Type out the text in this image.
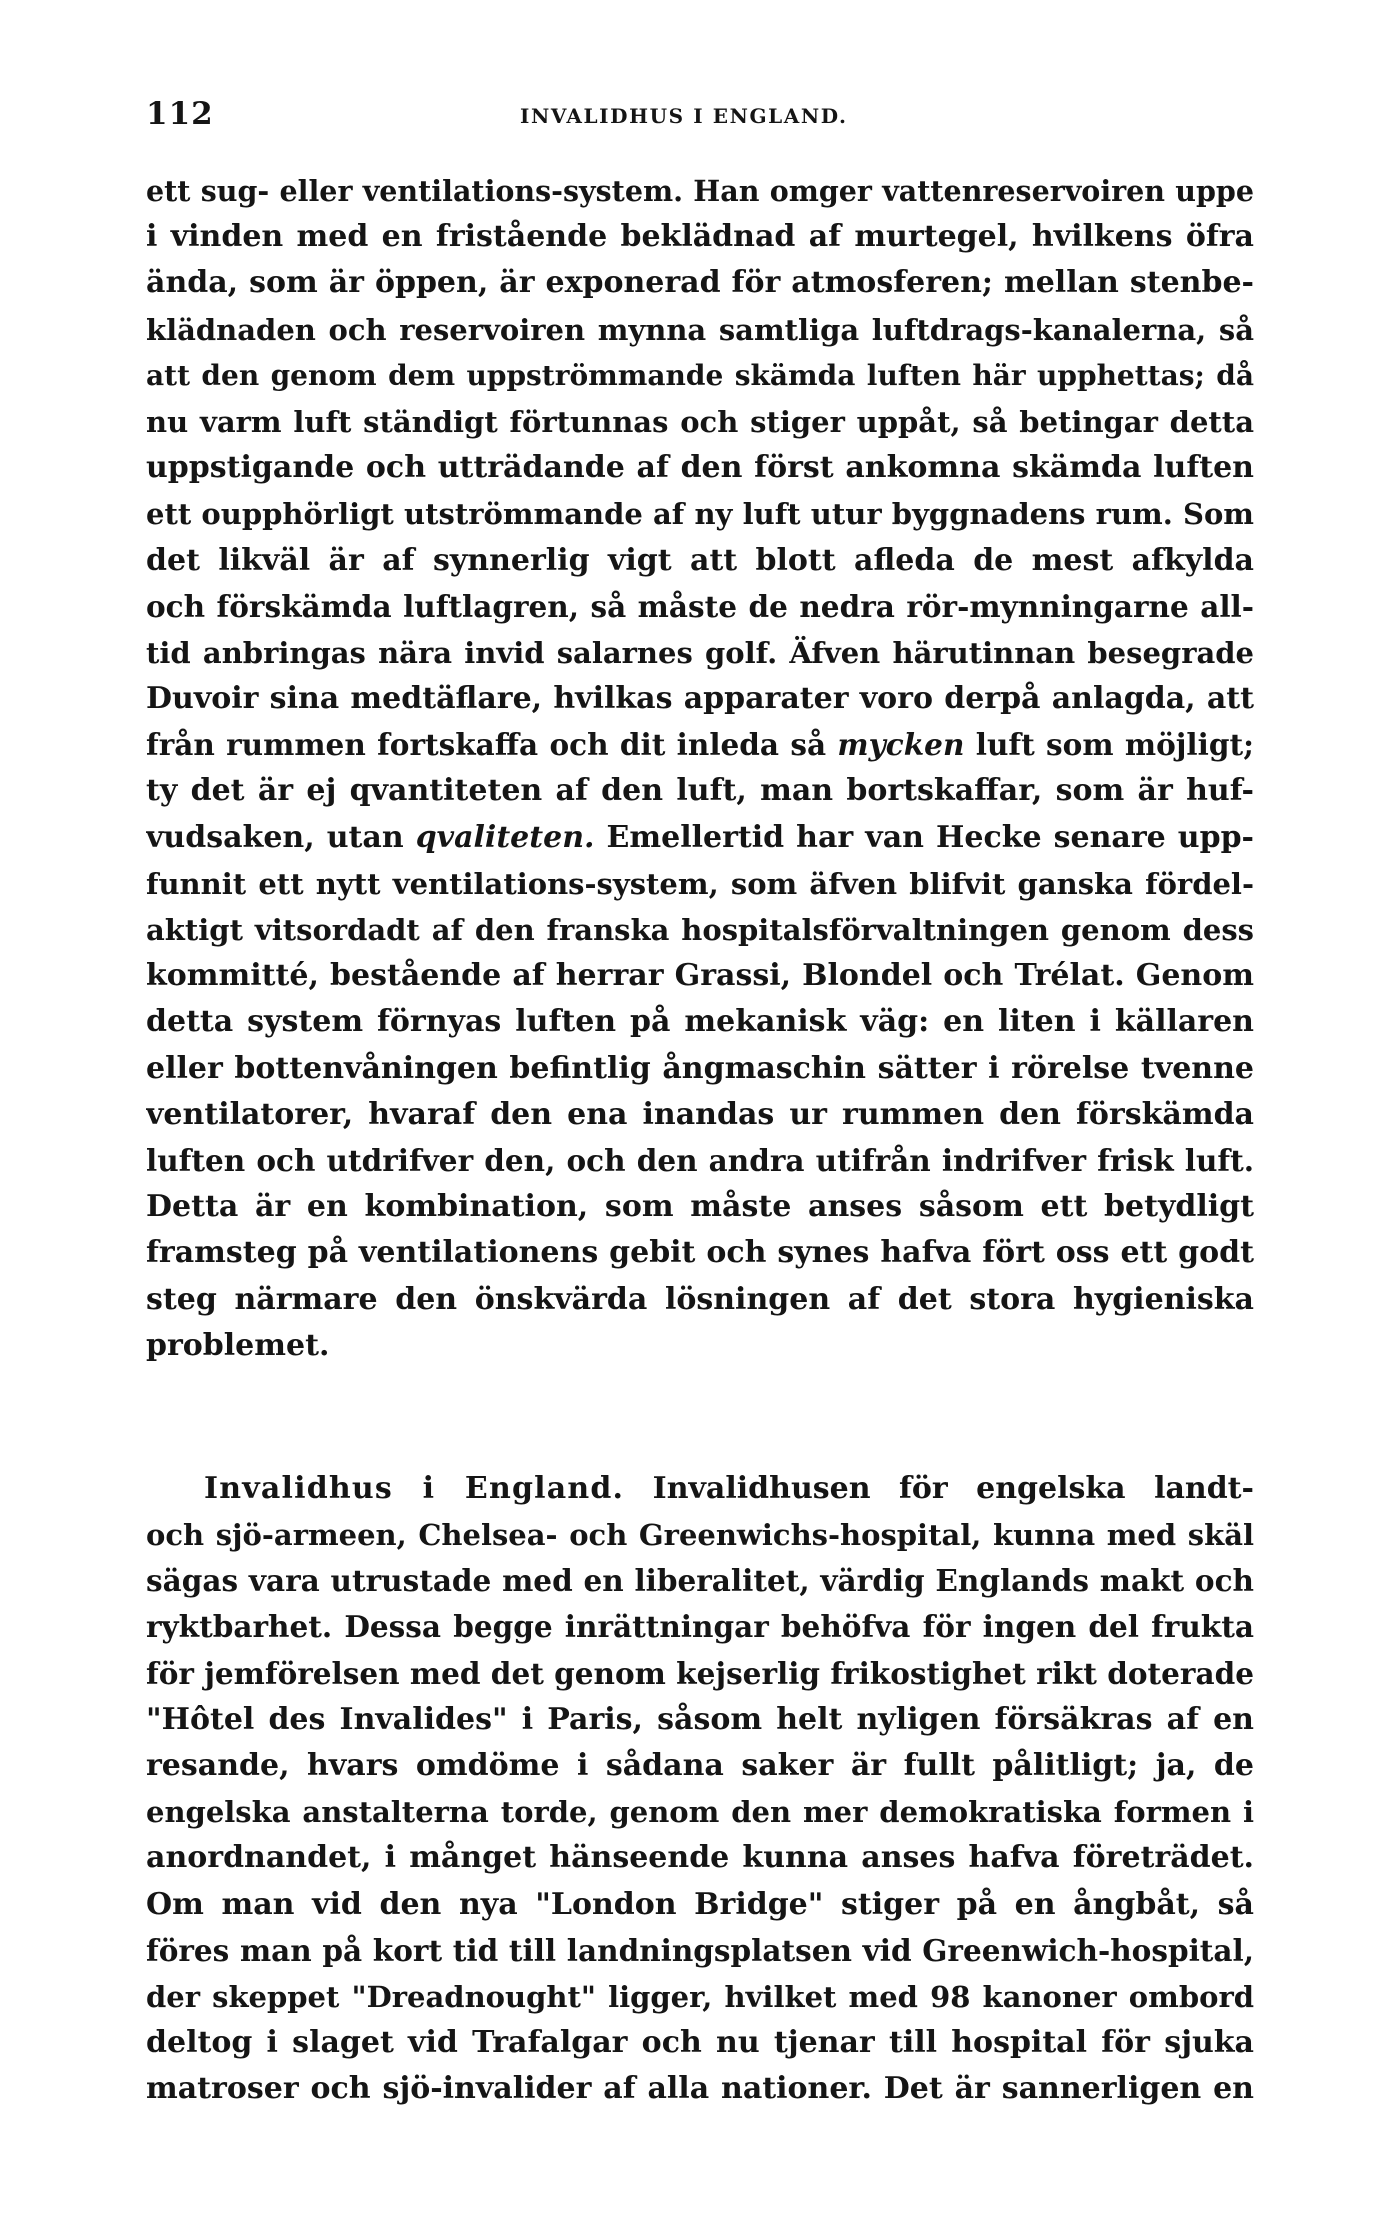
112	INVALIDHUS I ENGLAND.
ett sug- eller ventilations-system. Han omger vattenreservoiren uppe
i vinden med en fristående beklädnad af murtegel, hvilkens öfra
ända, som är öppen, är exponerad för atmosferen; mellan stenbe-
klädnaden och reservoiren mynna samtliga luftdrags-kanalerna, så
att den genom dem uppströmmande skämda luften här upphettas; då
nu varm luft ständigt förtunnas och stiger uppåt, så betingar detta
uppstigande och utträdande af den först ankomna skämda luften
ett oupphörligt utströmmande af ny luft utur byggnadens rum. Som
det likväl är af synnerlig vigt att blott afleda de mest afkylda
och förskämda luftlagren, så måste de nedra rör-mynningarne all-
tid anbringas nära invid salarnes golf. Äfven härutinnan besegrade
Duvoir sina medtäflare, hvilkas apparater voro derpå anlagda, att
från rummen fortskaffa och dit inleda så mycken luft som möjligt;
ty det är ej qvantiteten af den luft, man bortskaffar, som är huf-
vudsaken, utan qvaliteten. Emellertid har van Hecke senare upp-
funnit ett nytt ventilations-system, som äfven blifvit ganska fördel-
aktigt vitsordadt af den franska hospitalsförvaltningen genom dess
kommitté, bestående af herrar Grassi, Blondel och Trélat. Genom
detta system förnyas luften på mekanisk väg: en liten i källaren
eller bottenvåningen befintlig ångmaschin sätter i rörelse tvenne
ventilatorer, hvaraf den ena inandas ur rummen den förskämda
luften och utdrifver den, och den andra utifrån indrifver frisk luft.
Detta är en kombination, som måste anses såsom ett betydligt
framsteg på ventilationens gebit och synes hafva fört oss ett godt
steg närmare den önskvärda lösningen af det stora hygieniska
problemet.
Invalidhus i England. Invalidhusen för engelska landt-
och sjö-armeen, Chelsea- och Greenwichs-hospital, kunna med skäl
sägas vara utrustade med en liberalitet, värdig Englands makt och
ryktbarhet. Dessa begge inrättningar behöfva för ingen del frukta
för jemförelsen med det genom kejserlig frikostighet rikt doterade
"Hôtel des Invalides" i Paris, såsom helt nyligen försäkras af en
resande, hvars omdöme i sådana saker är fullt pålitligt; ja, de
engelska anstalterna torde, genom den mer demokratiska formen i
anordnandet, i månget hänseende kunna anses hafva företrädet.
Om man vid den nya "London Bridge" stiger på en ångbåt, så
föres man på kort tid till landningsplatsen vid Greenwich-hospital,
der skeppet "Dreadnought" ligger, hvilket med 98 kanoner ombord
deltog i slaget vid Trafalgar och nu tjenar till hospital för sjuka
matroser och sjö-invalider af alla nationer. Det är sannerligen en
